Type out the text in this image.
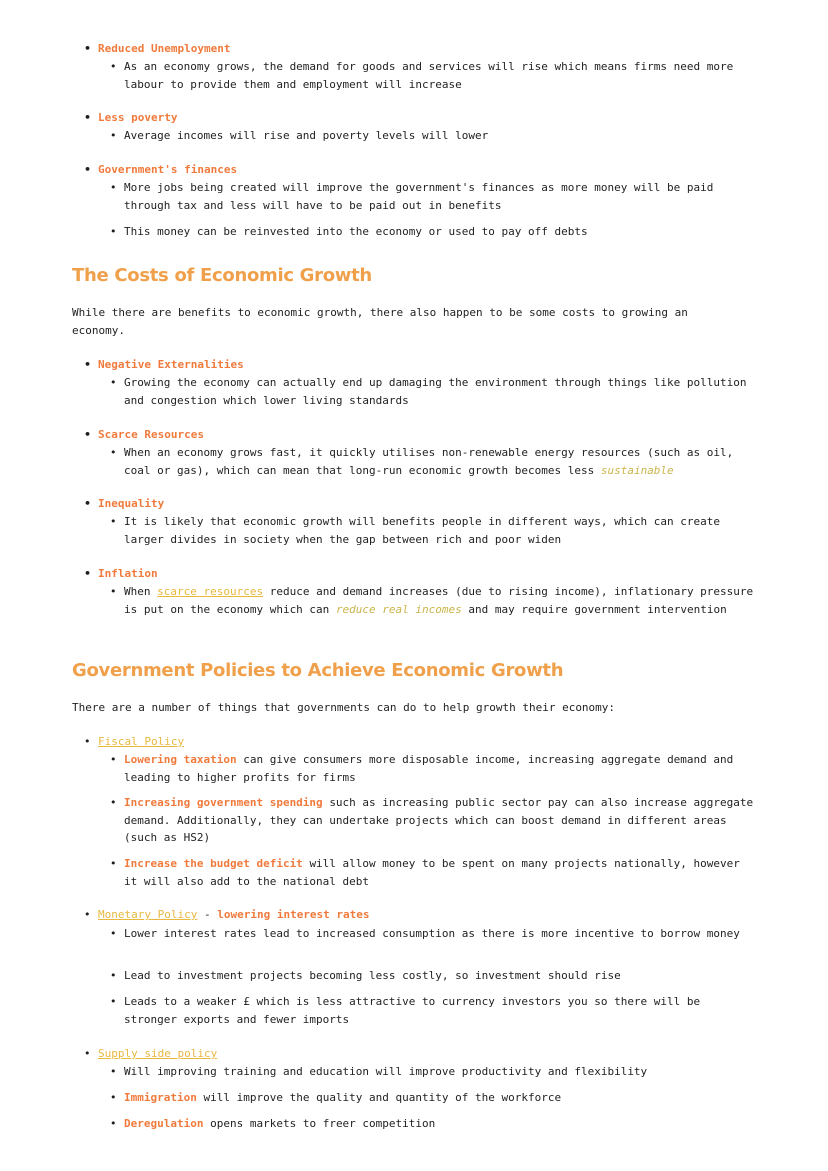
• Reduced Unemployment
• As an economy grows, the demand for goods and services will rise which means firms need more labour to provide them and employment will increase
• Less poverty
• Average incomes will rise and poverty levels will lower
• Government's finances
• More jobs being created will improve the government's finances as more money will be paid through tax and less will have to be paid out in benefits
• This money can be reinvested into the economy or used to pay off debts
The Costs of Economic Growth
While there are benefits to economic growth, there also happen to be some costs to growing an economy.
• Negative Externalities
• Growing the economy can actually end up damaging the environment through things like pollution and congestion which lower living standards
• Scarce Resources
• When an economy grows fast, it quickly utilises non-renewable energy resources (such as oil, coal or gas), which can mean that long-run economic growth becomes less sustainable
• Inequality
• It is likely that economic growth will benefits people in different ways, which can create larger divides in society when the gap between rich and poor widen
• Inflation
• When scarce resources reduce and demand increases (due to rising income), inflationary pressure is put on the economy which can reduce real incomes and may require government intervention
Government Policies to Achieve Economic Growth
There are a number of things that governments can do to help growth their economy:
• Fiscal Policy
• Lowering taxation can give consumers more disposable income, increasing aggregate demand and leading to higher profits for firms
• Increasing government spending such as increasing public sector pay can also increase aggregate demand. Additionally, they can undertake projects which can boost demand in different areas (such as HS2)
• Increase the budget deficit will allow money to be spent on many projects nationally, however it will also add to the national debt
• Monetary Policy - lowering interest rates
• Lower interest rates lead to increased consumption as there is more incentive to borrow money
• Lead to investment projects becoming less costly, so investment should rise
• Leads to a weaker £ which is less attractive to currency investors you so there will be stronger exports and fewer imports
• Supply side policy
• Will improving training and education will improve productivity and flexibility
• Immigration will improve the quality and quantity of the workforce
• Deregulation opens markets to freer competition
